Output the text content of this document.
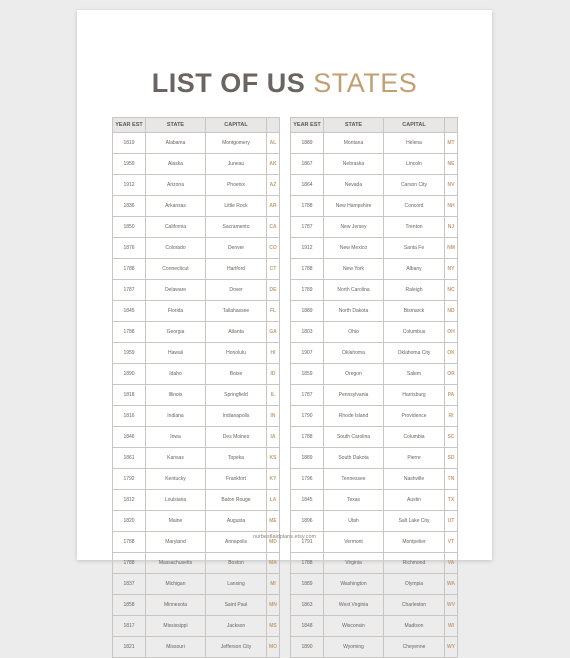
LIST OF US STATES
YEAR EST	STATE	CAPITAL	
1819	Alabama	Montgomery	AL
1959	Alaska	Juneau	AK
1912	Arizona	Phoenix	AZ
1836	Arkansas	Little Rock	AR
1850	California	Sacramento	CA
1876	Colorado	Denver	CO
1788	Connecticut	Hartford	CT
1787	Delaware	Dover	DE
1845	Florida	Tallahassee	FL
1788	Georgia	Atlanta	GA
1959	Hawaii	Honolulu	HI
1890	Idaho	Boise	ID
1818	Illinois	Springfield	IL
1816	Indiana	Indianapolis	IN
1846	Iowa	Des Moines	IA
1861	Kansas	Topeka	KS
1792	Kentucky	Frankfort	KY
1812	Louisiana	Baton Rouge	LA
1820	Maine	Augusta	ME
1788	Maryland	Annapolis	MD
1788	Massachusetts	Boston	MA
1837	Michigan	Lansing	MI
1858	Minnesota	Saint Paul	MN
1817	Mississippi	Jackson	MS
1821	Missouri	Jefferson City	MO
YEAR EST	STATE	CAPITAL	
1889	Montana	Helena	MT
1867	Nebraska	Lincoln	NE
1864	Nevada	Carson City	NV
1788	New Hampshire	Concord	NH
1787	New Jersey	Trenton	NJ
1912	New Mexico	Santa Fe	NM
1788	New York	Albany	NY
1789	North Carolina	Raleigh	NC
1889	North Dakota	Bismarck	ND
1803	Ohio	Columbus	OH
1907	Oklahoma	Oklahoma City	OK
1859	Oregon	Salem	OR
1787	Pennsylvania	Harrisburg	PA
1790	Rhode Island	Providence	RI
1788	South Carolina	Columbia	SC
1889	South Dakota	Pierre	SD
1796	Tennessee	Nashville	TN
1845	Texas	Austin	TX
1896	Utah	Salt Lake City	UT
1791	Vermont	Montpelier	VT
1788	Virginia	Richmond	VA
1889	Washington	Olympia	WA
1863	West Virginia	Charleston	WV
1848	Wisconsin	Madison	WI
1890	Wyoming	Cheyenne	WY
ourbestlaidplans.etsy.com
